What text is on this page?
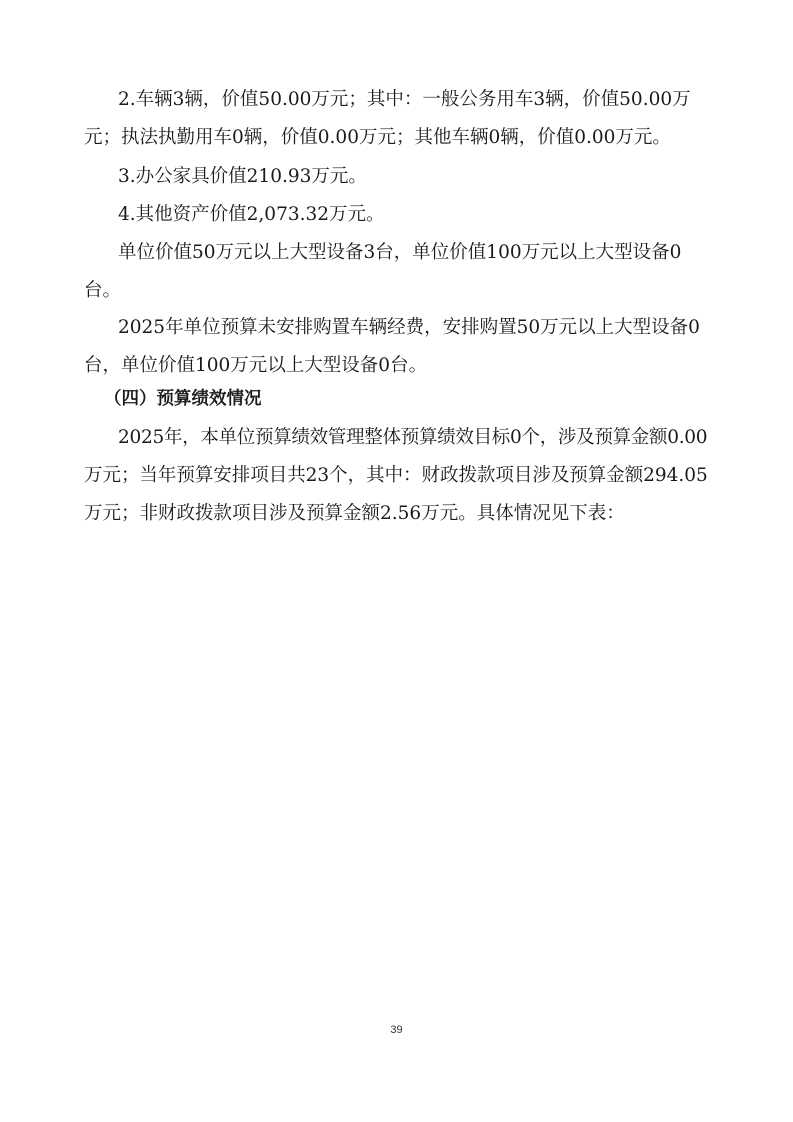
2.车辆3辆，价值50.00万元；其中：一般公务用车3辆，价值50.00万
元；执法执勤用车0辆，价值0.00万元；其他车辆0辆，价值0.00万元。
3.办公家具价值210.93万元。
4.其他资产价值2,073.32万元。
单位价值50万元以上大型设备3台，单位价值100万元以上大型设备0
台。
2025年单位预算未安排购置车辆经费，安排购置50万元以上大型设备0
台，单位价值100万元以上大型设备0台。
（四）预算绩效情况
2025年，本单位预算绩效管理整体预算绩效目标0个，涉及预算金额0.00
万元；当年预算安排项目共23个，其中：财政拨款项目涉及预算金额294.05
万元；非财政拨款项目涉及预算金额2.56万元。具体情况见下表：
39
